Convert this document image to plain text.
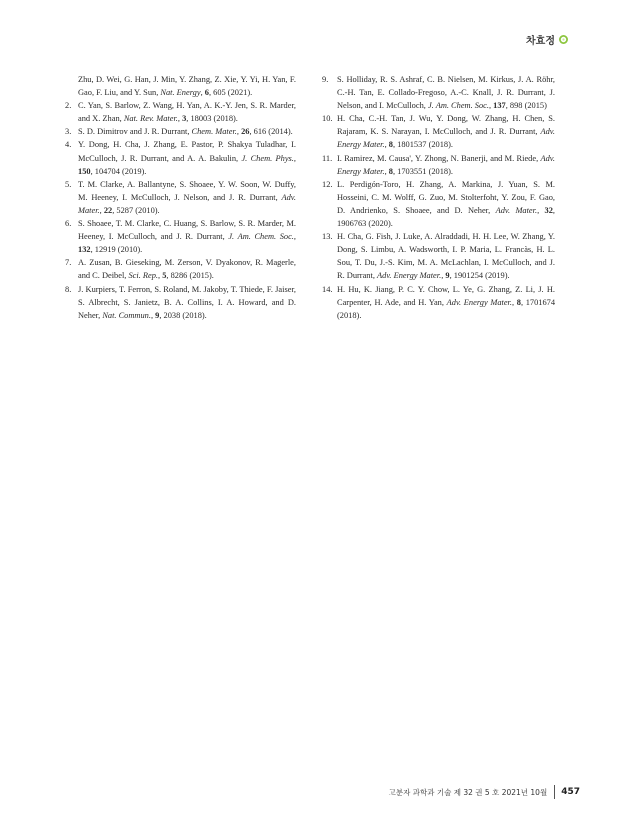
차효정
Zhu, D. Wei, G. Han, J. Min, Y. Zhang, Z. Xie, Y. Yi, H. Yan, F. Gao, F. Liu, and Y. Sun, Nat. Energy, 6, 605 (2021).
2. C. Yan, S. Barlow, Z. Wang, H. Yan, A. K.-Y. Jen, S. R. Marder, and X. Zhan, Nat. Rev. Mater., 3, 18003 (2018).
3. S. D. Dimitrov and J. R. Durrant, Chem. Mater., 26, 616 (2014).
4. Y. Dong, H. Cha, J. Zhang, E. Pastor, P. Shakya Tuladhar, I. McCulloch, J. R. Durrant, and A. A. Bakulin, J. Chem. Phys., 150, 104704 (2019).
5. T. M. Clarke, A. Ballantyne, S. Shoaee, Y. W. Soon, W. Duffy, M. Heeney, I. McCulloch, J. Nelson, and J. R. Durrant, Adv. Mater., 22, 5287 (2010).
6. S. Shoaee, T. M. Clarke, C. Huang, S. Barlow, S. R. Marder, M. Heeney, I. McCulloch, and J. R. Durrant, J. Am. Chem. Soc., 132, 12919 (2010).
7. A. Zusan, B. Gieseking, M. Zerson, V. Dyakonov, R. Magerle, and C. Deibel, Sci. Rep., 5, 8286 (2015).
8. J. Kurpiers, T. Ferron, S. Roland, M. Jakoby, T. Thiede, F. Jaiser, S. Albrecht, S. Janietz, B. A. Collins, I. A. Howard, and D. Neher, Nat. Commun., 9, 2038 (2018).
9. S. Holliday, R. S. Ashraf, C. B. Nielsen, M. Kirkus, J. A. Röhr, C.-H. Tan, E. Collado-Fregoso, A.-C. Knall, J. R. Durrant, J. Nelson, and I. McCulloch, J. Am. Chem. Soc., 137, 898 (2015)
10. H. Cha, C.-H. Tan, J. Wu, Y. Dong, W. Zhang, H. Chen, S. Rajaram, K. S. Narayan, I. McCulloch, and J. R. Durrant, Adv. Energy Mater., 8, 1801537 (2018).
11. I. Ramirez, M. Causa', Y. Zhong, N. Banerji, and M. Riede, Adv. Energy Mater., 8, 1703551 (2018).
12. L. Perdigón-Toro, H. Zhang, A. Markina, J. Yuan, S. M. Hosseini, C. M. Wolff, G. Zuo, M. Stolterfoht, Y. Zou, F. Gao, D. Andrienko, S. Shoaee, and D. Neher, Adv. Mater., 32, 1906763 (2020).
13. H. Cha, G. Fish, J. Luke, A. Alraddadi, H. H. Lee, W. Zhang, Y. Dong, S. Limbu, A. Wadsworth, I. P. Maria, L. Francàs, H. L. Sou, T. Du, J.-S. Kim, M. A. McLachlan, I. McCulloch, and J. R. Durrant, Adv. Energy Mater., 9, 1901254 (2019).
14. H. Hu, K. Jiang, P. C. Y. Chow, L. Ye, G. Zhang, Z. Li, J. H. Carpenter, H. Ade, and H. Yan, Adv. Energy Mater., 8, 1701674 (2018).
고분자 과학과 기술 제 32 권 5 호 2021년 10월 457
